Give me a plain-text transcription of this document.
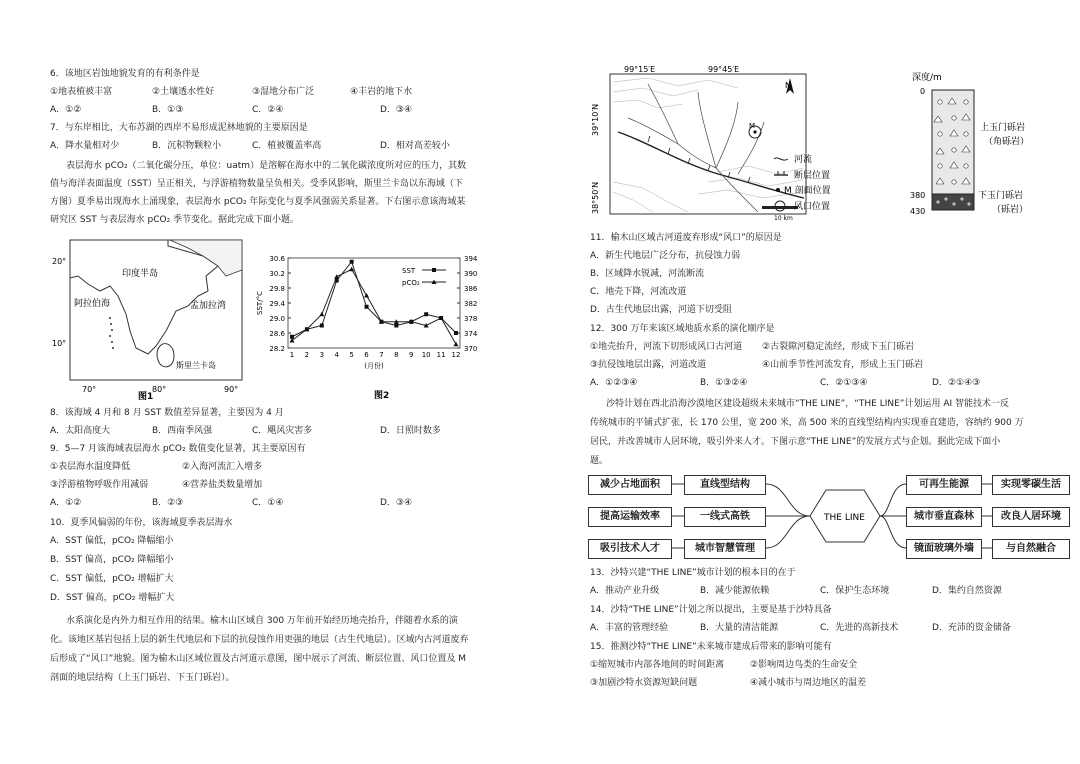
6．该地区岩蚀地貌发育的有利条件是
①地表植被丰富	②土壤透水性好	③湿地分布广泛	④丰岩的地下水
A．①②	B．①③	C．②④	D．③④
7．与东岸相比，大布苏湖的西岸不易形成泥林地貌的主要原因是
A．降水量相对少	B．沉积物颗粒小	C．植被覆盖率高	D．相对高差较小
表层海水 pCO₂（二氧化碳分压，单位：uatm）是溶解在海水中的二氧化碳浓度所对应的压力，其数
值与海洋表面温度（SST）呈正相关，与浮游植物数量呈负相关。受季风影响，斯里兰卡岛以东海域（下
方图）夏季易出现海水上涌现象，表层海水 pCO₂ 年际变化与夏季风强弱关系显著。下右图示意该海域某
研究区 SST 与表层海水 pCO₂ 季节变化。据此完成下面小题。
20°
10°
70°	80°	90°
印度半岛
阿拉伯海	孟加拉湾
斯里兰卡岛
图1
28.2
28.6
29.0
29.4
29.8
30.2
30.6
370
374
378
382
386
390
394
1 2 3 4 5 6 7 8 9 10 11 12
SST/°C
(月份)
SST
pCO₂
图2
8．该海域 4 月和 8 月 SST 数值差异显著，主要因为 4 月
A．太阳高度大	B．西南季风强	C．飓风灾害多	D．日照时数多
9．5—7 月该海域表层海水 pCO₂ 数值变化显著，其主要原因有
①表层海水温度降低	②入海河流汇入增多
③浮游植物呼吸作用减弱	④营养盐类数量增加
A．①②	B．②③	C．①④	D．③④
10．夏季风偏弱的年份，该海域夏季表层海水
A．SST 偏低，pCO₂ 降幅缩小
B．SST 偏高，pCO₂ 降幅缩小
C．SST 偏低，pCO₂ 增幅扩大
D．SST 偏高，pCO₂ 增幅扩大
水系演化是内外力相互作用的结果。榆木山区域自 300 万年前开始经历地壳抬升，伴随着水系的演
化。该地区基岩包括上层的新生代地层和下层的抗侵蚀作用更强的地层（古生代地层）。区域内古河道废弃
后形成了“风口”地貌。图为榆木山区域位置及古河道示意图，图中展示了河流、断层位置、风口位置及 M
剖面的地层结构（上玉门砾岩、下玉门砾岩）。
M
N
10 km
99°15′E	99°45′E
39°10′N
38°50′N
河流
断层位置
M 剖面位置
风口位置
深度/m
0
380
430
上玉门砾岩
（角砾岩）
下玉门砾岩
（砾岩）
11．榆木山区域古河道废弃形成“风口”的原因是
A．新生代地层广泛分布，抗侵蚀力弱
B．区域降水锐减，河流断流
C．地壳下降，河流改道
D．古生代地层出露，河道下切受阻
12．300 万年来该区域地质水系的演化顺序是
①地壳抬升，河流下切形成风口古河道 ②古裂隙河稳定流经，形成下玉门砾岩
③抗侵蚀地层出露，河道改道	④山前季节性河流发育，形成上玉门砾岩
A．①②③④	B．①③②④	C．②①③④	D．②①④③
沙特计划在西北沿海沙漠地区建设超级未来城市“THE LINE”，“THE LINE”计划运用 AI 智能技术一反
传统城市的平铺式扩张，长 170 公里，宽 200 米，高 500 米的直线型结构内实现垂直建造，容纳约 900 万
居民，并改善城市人居环境，吸引外来人才。下图示意“THE LINE”的发展方式与企划。据此完成下面小
题。
THE LINE
减少占地面积
提高运输效率
吸引技术人才
直线型结构
一线式高铁
城市智慧管理
可再生能源
城市垂直森林
镜面玻璃外墙
实现零碳生活
改良人居环境
与自然融合
13．沙特兴建“THE LINE”城市计划的根本目的在于
A．推动产业升级	B．减少能源依赖	C．保护生态环境	D．集约自然资源
14．沙特“THE LINE”计划之所以提出，主要是基于沙特具备
A．丰富的管理经验	B．大量的清洁能源	C．先进的高新技术	D．充沛的资金储备
15．推测沙特“THE LINE”未来城市建成后带来的影响可能有
①缩短城市内部各地间的时间距离	②影响周边鸟类的生命安全
③加剧沙特水资源短缺问题	④减小城市与周边地区的温差
